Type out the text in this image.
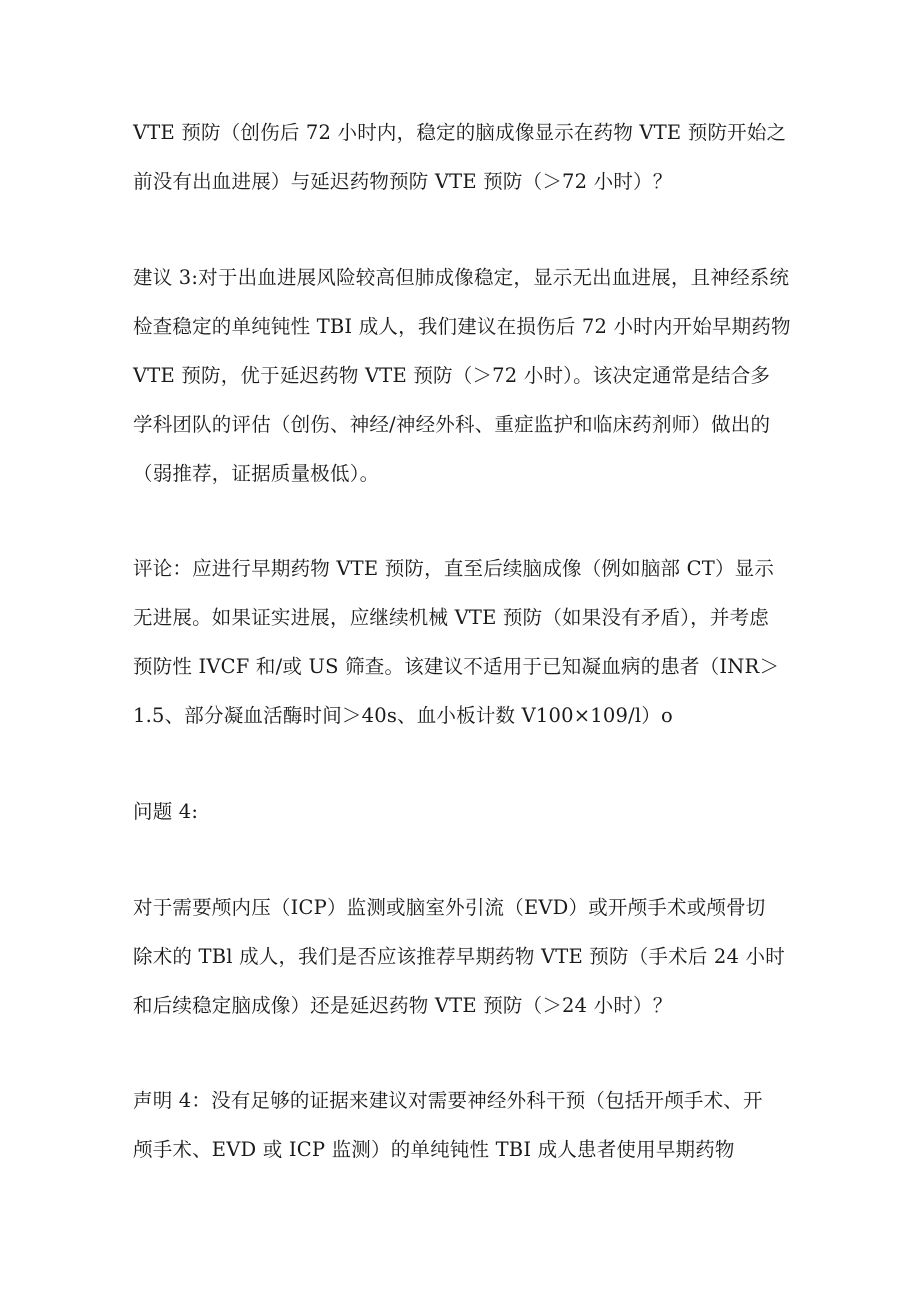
VTE 预防（创伤后 72 小时内，稳定的脑成像显示在药物 VTE 预防开始之
前没有出血进展）与延迟药物预防 VTE 预防（＞72 小时）？
建议 3:对于出血进展风险较高但肺成像稳定，显示无出血进展，且神经系统
检查稳定的单纯钝性 TBI 成人，我们建议在损伤后 72 小时内开始早期药物
VTE 预防，优于延迟药物 VTE 预防（＞72 小时）。该决定通常是结合多
学科团队的评估（创伤、神经/神经外科、重症监护和临床药剂师）做出的
（弱推荐，证据质量极低）。
评论：应进行早期药物 VTE 预防，直至后续脑成像（例如脑部 CT）显示
无进展。如果证实进展，应继续机械 VTE 预防（如果没有矛盾），并考虑
预防性 IVCF 和/或 US 筛查。该建议不适用于已知凝血病的患者（INR＞
1.5、部分凝血活酶时间＞40s、血小板计数 V100×109/l）o
问题 4:
对于需要颅内压（ICP）监测或脑室外引流（EVD）或开颅手术或颅骨切
除术的 TBl 成人，我们是否应该推荐早期药物 VTE 预防（手术后 24 小时
和后续稳定脑成像）还是延迟药物 VTE 预防（＞24 小时）？
声明 4：没有足够的证据来建议对需要神经外科干预（包括开颅手术、开
颅手术、EVD 或 ICP 监测）的单纯钝性 TBI 成人患者使用早期药物
